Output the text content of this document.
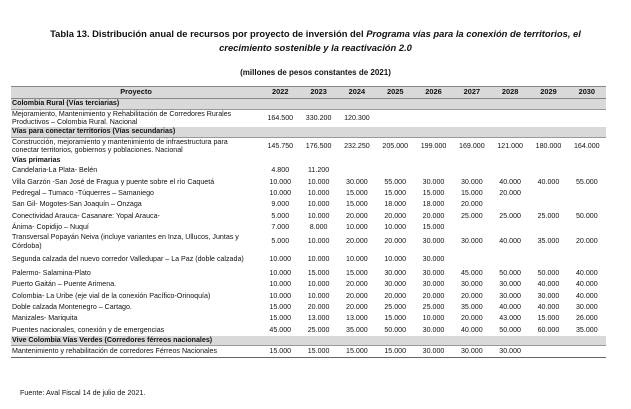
Tabla 13. Distribución anual de recursos por proyecto de inversión del Programa vías para la conexión de territorios, el
crecimiento sostenible y la reactivación 2.0
(millones de pesos constantes de 2021)
Proyecto	2022	2023	2024	2025	2026	2027	2028	2029	2030
Colombia Rural (Vías terciarias)									
Mejoramiento, Mantenimiento y Rehabilitación de Corredores Rurales Productivos – Colombia Rural. Nacional	164.500	330.200	120.300						
Vías para conectar territorios (Vías secundarias)									
Construcción, mejoramiento y mantenimiento de infraestructura para conectar territorios, gobiernos y poblaciones. Nacional	145.750	176.500	232.250	205.000	199.000	169.000	121.000	180.000	164.000
Vías primarias									
Candelaria-La Plata- Belén	4.800	11.200							
Villa Garzón -San José de Fragua y puente sobre el río Caquetá	10.000	10.000	30.000	55.000	30.000	30.000	40.000	40.000	55.000
Pedregal – Tumaco -Túquerres – Samaniego	10.000	10.000	15.000	15.000	15.000	15.000	20.000		
San Gil- Mogotes-San Joaquín – Onzaga	9.000	10.000	15.000	18.000	18.000	20.000			
Conectividad Arauca- Casanare: Yopal Arauca-	5.000	10.000	20.000	20.000	20.000	25.000	25.000	25.000	50.000
Ánima- Copidijo – Nuquí	7.000	8.000	10.000	10.000	15.000				
Transversal Popayán Neiva (incluye variantes en Inza, Ullucos, Juntas y Córdoba)	5.000	10.000	20.000	20.000	30.000	30.000	40.000	35.000	20.000
Segunda calzada del nuevo corredor Valledupar – La Paz (doble calzada)	10.000	10.000	10.000	10.000	30.000				
Palermo- Salamina-Plato	10.000	15.000	15.000	30.000	30.000	45.000	50.000	50.000	40.000
Puerto Gaitán – Puente Arimena.	10.000	10.000	20.000	30.000	30.000	30.000	30.000	40.000	40.000
Colombia- La Uribe (eje vial de la conexión Pacífico-Orinoquía)	10.000	10.000	20.000	20.000	20.000	20.000	30.000	30.000	40.000
Doble calzada Montenegro – Cartago.	15.000	20.000	20.000	25.000	25.000	35.000	40.000	40.000	30.000
Manizales- Mariquita	15.000	13.000	13.000	15.000	10.000	20.000	43.000	15.000	26.000
Puentes nacionales, conexión y de emergencias	45.000	25.000	35.000	50.000	30.000	40.000	50.000	60.000	35.000
Vive Colombia Vías Verdes (Corredores férreos nacionales)									
Mantenimiento y rehabilitación de corredores Férreos Nacionales	15.000	15.000	15.000	15.000	30.000	30.000	30.000		
Fuente: Aval Fiscal 14 de julio de 2021.
